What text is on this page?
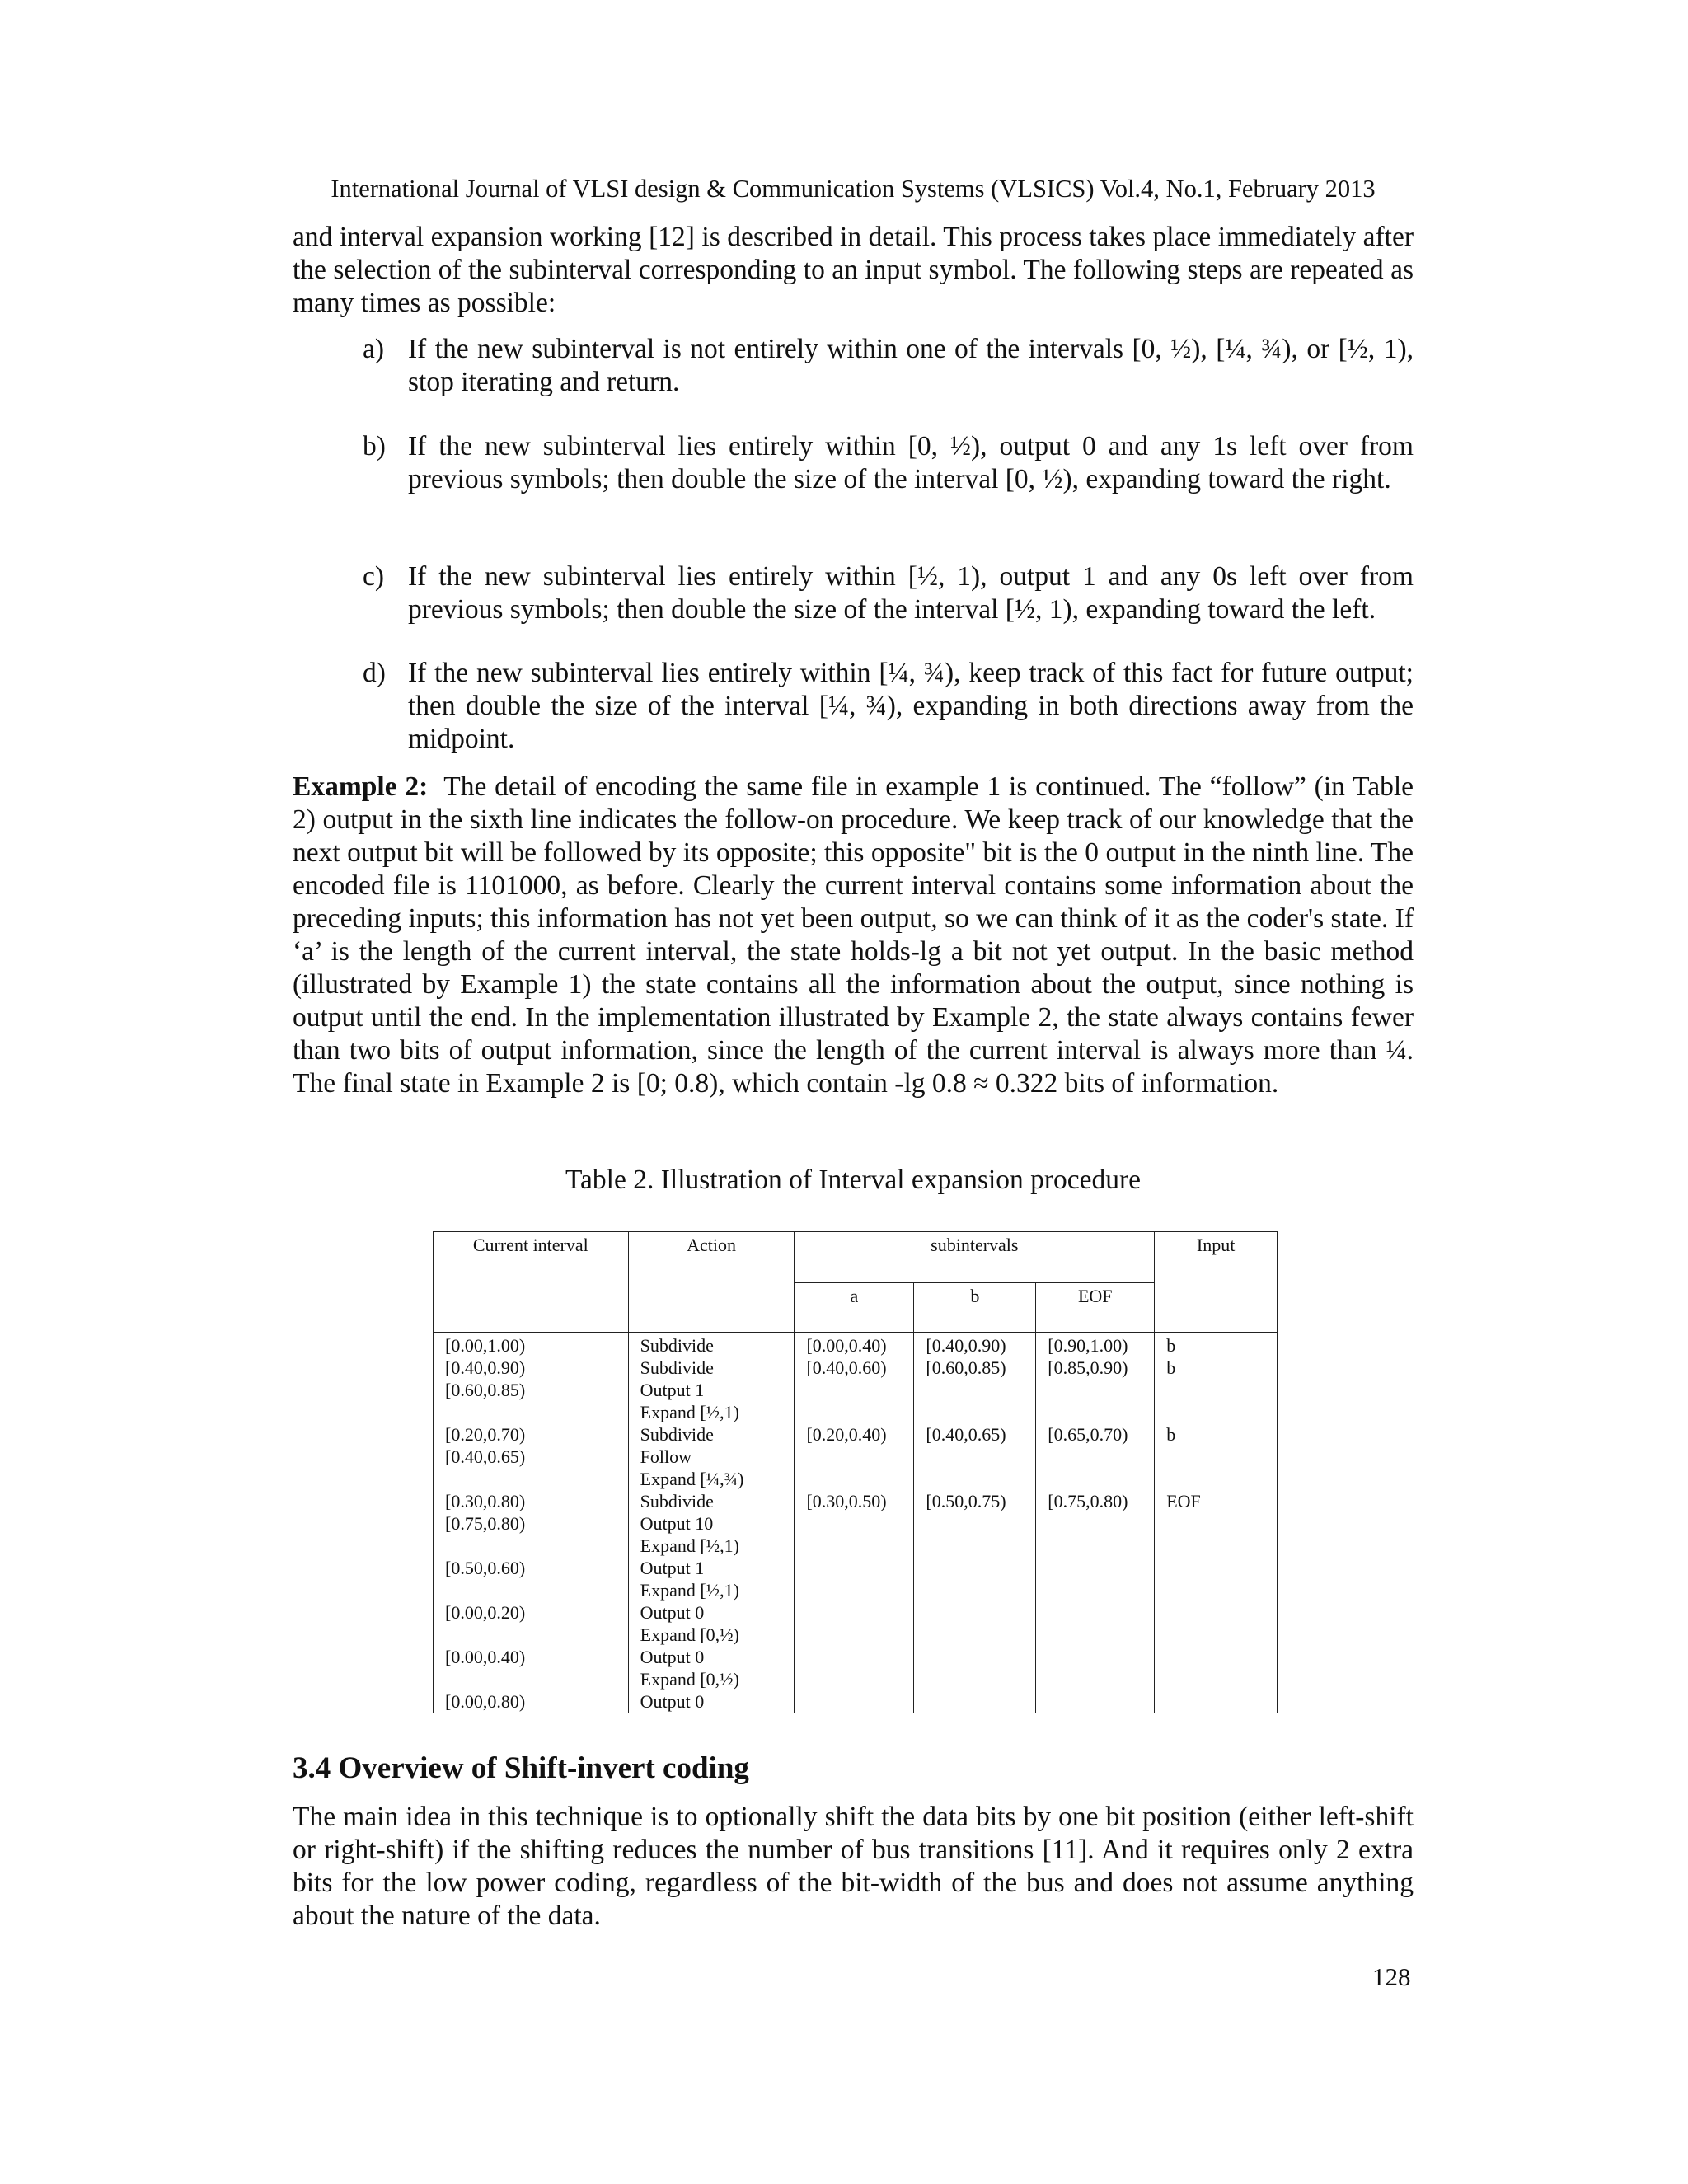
International Journal of VLSI design & Communication Systems (VLSICS) Vol.4, No.1, February 2013

and interval expansion working [12] is described in detail. This process takes place immediately after the selection of the subinterval corresponding to an input symbol. The following steps are repeated as many times as possible:

a) If the new subinterval is not entirely within one of the intervals [0, ½), [¼, ¾), or [½, 1), stop iterating and return.

b) If the new subinterval lies entirely within [0, ½), output 0 and any 1s left over from previous symbols; then double the size of the interval [0, ½), expanding toward the right.

c) If the new subinterval lies entirely within [½, 1), output 1 and any 0s left over from previous symbols; then double the size of the interval [½, 1), expanding toward the left.

d) If the new subinterval lies entirely within [¼, ¾), keep track of this fact for future output; then double the size of the interval [¼, ¾), expanding in both directions away from the midpoint.

Example 2: The detail of encoding the same file in example 1 is continued. The “follow” (in Table 2) output in the sixth line indicates the follow-on procedure. We keep track of our knowledge that the next output bit will be followed by its opposite; this opposite" bit is the 0 output in the ninth line. The encoded file is 1101000, as before. Clearly the current interval contains some information about the preceding inputs; this information has not yet been output, so we can think of it as the coder's state. If ‘a’ is the length of the current interval, the state holds-lg a bit not yet output. In the basic method (illustrated by Example 1) the state contains all the information about the output, since nothing is output until the end. In the implementation illustrated by Example 2, the state always contains fewer than two bits of output information, since the length of the current interval is always more than ¼. The final state in Example 2 is [0; 0.8), which contain -lg 0.8 ≈ 0.322 bits of information.

Table 2. Illustration of Interval expansion procedure
Current interval	Action	subintervals			Input
		a	b	EOF	

[0.00,1.00)	Subdivide	[0.00,0.40)	[0.40,0.90)	[0.90,1.00)	b

[0.40,0.90)	Subdivide	[0.40,0.60)	[0.60,0.85)	[0.85,0.90)	b

[0.60,0.85)	Output 1
Expand [½,1)				

[0.20,0.70)	Subdivide	[0.20,0.40)	[0.40,0.65)	[0.65,0.70)	b

[0.40,0.65)	Follow
Expand [¼,¾)				

[0.30,0.80)	Subdivide	[0.30,0.50)	[0.50,0.75)	[0.75,0.80)	EOF

[0.75,0.80)	Output 10
Expand [½,1)				

[0.50,0.60)	Output 1
Expand [½,1)				

[0.00,0.20)	Output 0
Expand [0,½)				

[0.00,0.40)	Output 0
Expand [0,½)				

[0.00,0.80)	Output 0				

3.4 Overview of Shift-invert coding

The main idea in this technique is to optionally shift the data bits by one bit position (either left-shift or right-shift) if the shifting reduces the number of bus transitions [11]. And it requires only 2 extra bits for the low power coding, regardless of the bit-width of the bus and does not assume anything about the nature of the data.

128
